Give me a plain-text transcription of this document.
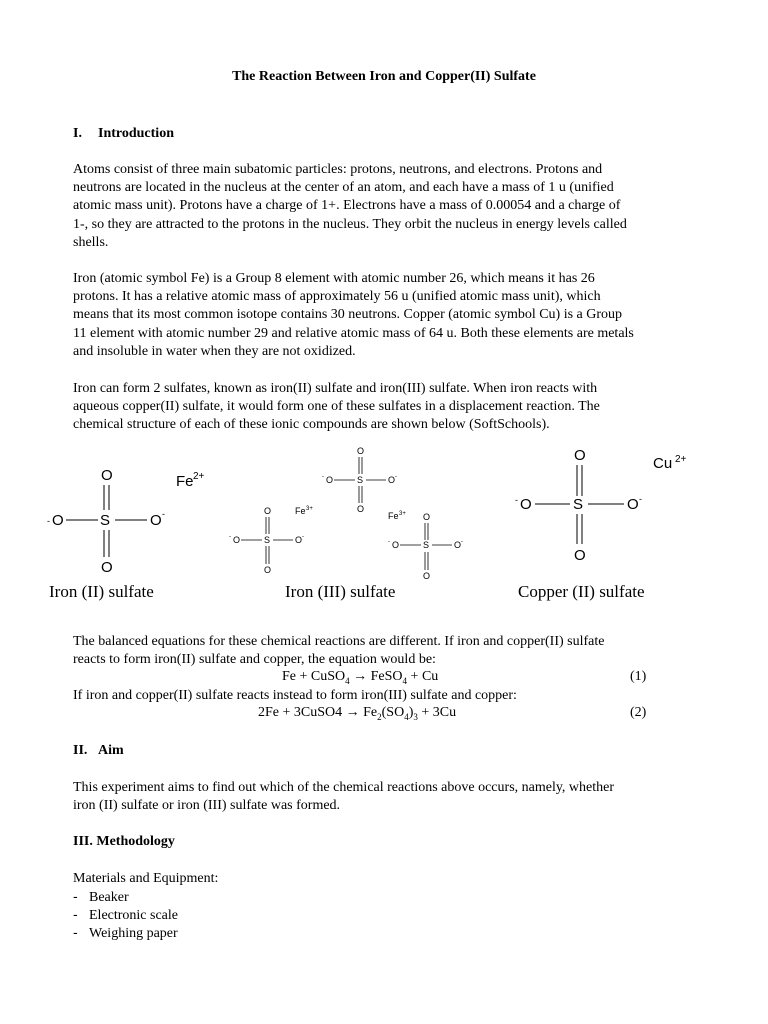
The Reaction Between Iron and Copper(II) Sulfate
I. Introduction
Atoms consist of three main subatomic particles: protons, neutrons, and electrons. Protons and
neutrons are located in the nucleus at the center of an atom, and each have a mass of 1 u (unified
atomic mass unit). Protons have a charge of 1+. Electrons have a mass of 0.00054 and a charge of
1-, so they are attracted to the protons in the nucleus. They orbit the nucleus in energy levels called
shells.
Iron (atomic symbol Fe) is a Group 8 element with atomic number 26, which means it has 26
protons. It has a relative atomic mass of approximately 56 u (unified atomic mass unit), which
means that its most common isotope contains 30 neutrons. Copper (atomic symbol Cu) is a Group
11 element with atomic number 29 and relative atomic mass of 64 u. Both these elements are metals
and insoluble in water when they are not oxidized.
Iron can form 2 sulfates, known as iron(II) sulfate and iron(III) sulfate. When iron reacts with
aqueous copper(II) sulfate, it would form one of these sulfates in a displacement reaction. The
chemical structure of each of these ionic compounds are shown below (SoftSchools).
O
- O S	O -
O
Fe 2+
O
- O	S	O -
O
O
- O	S	O -
O
O
- O	S	O -
O
Fe 3+
Fe 3+
O
- O	S	O -
O
Cu 2+
Iron (II) sulfate	Iron (III) sulfate	Copper (II) sulfate
The balanced equations for these chemical reactions are different. If iron and copper(II) sulfate
reacts to form iron(II) sulfate and copper, the equation would be:
Fe + CuSO$_4$ → FeSO$_4$ + Cu	(1)
If iron and copper(II) sulfate reacts instead to form iron(III) sulfate and copper:
2Fe + 3CuSO4 → $Fe_2(SO_4)_3 + 3Cu$	(2)
II. Aim
This experiment aims to find out which of the chemical reactions above occurs, namely, whether
iron (II) sulfate or iron (III) sulfate was formed.
III. Methodology
Materials and Equipment:
- Beaker
- Electronic scale
- Weighing paper
